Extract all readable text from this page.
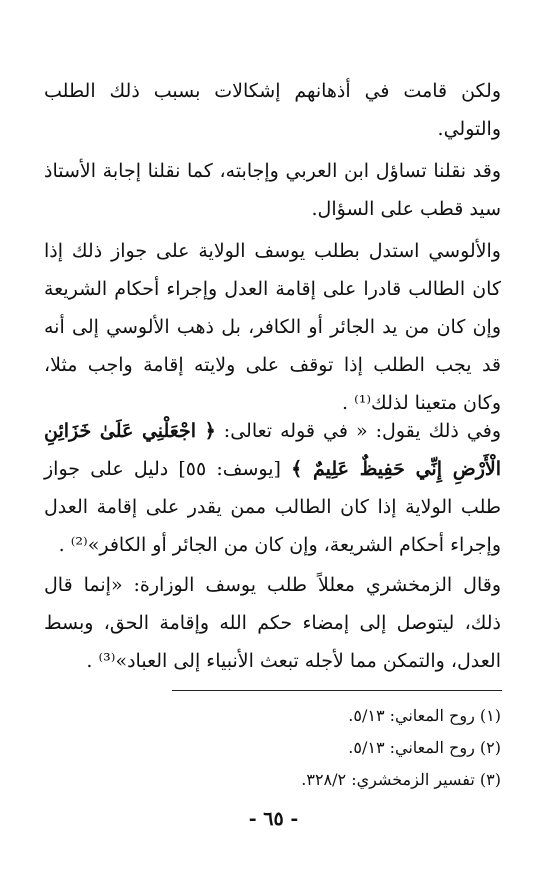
ولكن قامت في أذهانهم إشكالات بسبب ذلك الطلب والتولي.

وقد نقلنا تساؤل ابن العربي وإجابته، كما نقلنا إجابة الأستاذ سيد قطب على السؤال.

والألوسي استدل بطلب يوسف الولاية على جواز ذلك إذا كان الطالب قادرا على إقامة العدل وإجراء أحكام الشريعة وإن كان من يد الجائر أو الكافر، بل ذهب الألوسي إلى أنه قد يجب الطلب إذا توقف على ولايته إقامة واجب مثلا، وكان متعينا لذلك⁽¹⁾ .

وفي ذلك يقول: « في قوله تعالى: ﴿ اجْعَلْنِي عَلَىٰ خَزَائِنِ الْأَرْضِ إِنِّي حَفِيظٌ عَلِيمٌ ﴾ [يوسف: ٥٥] دليل على جواز طلب الولاية إذا كان الطالب ممن يقدر على إقامة العدل وإجراء أحكام الشريعة، وإن كان من الجائر أو الكافر»⁽²⁾ .

وقال الزمخشري معللاً طلب يوسف الوزارة: «إنما قال ذلك، ليتوصل إلى إمضاء حكم الله وإقامة الحق، وبسط العدل، والتمكن مما لأجله تبعث الأنبياء إلى العباد»⁽³⁾ .

(١) روح المعاني: ٥/١٣.
(٢) روح المعاني: ٥/١٣.
(٣) تفسير الزمخشري: ٣٢٨/٢.
- ٦٥ -
